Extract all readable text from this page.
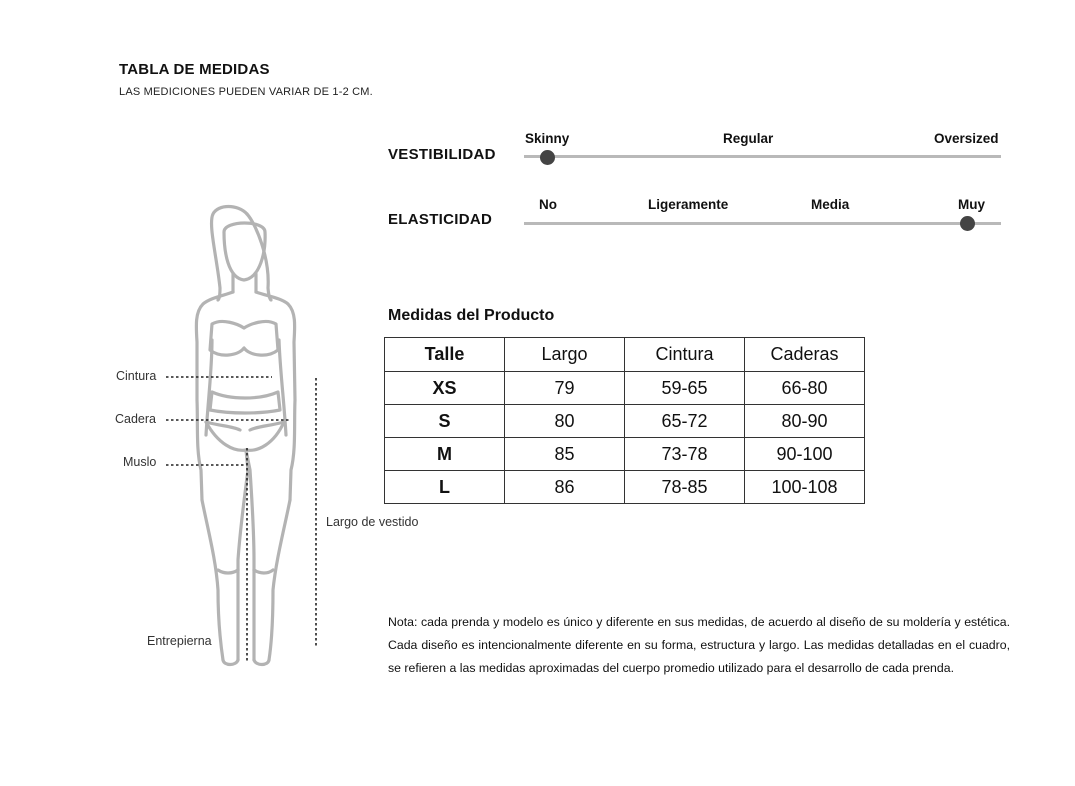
TABLA DE MEDIDAS
LAS MEDICIONES PUEDEN VARIAR DE 1-2 CM.
VESTIBILIDAD
Skinny	Regular	Oversized
ELASTICIDAD
No	Ligeramente	Media	Muy
Medidas del Producto
Talle	Largo	Cintura	Caderas
XS	79	59-65	66-80
S	80	65-72	80-90
M	85	73-78	90-100
L	86	78-85	100-108
Nota: cada prenda y modelo es único y diferente en sus medidas, de acuerdo al diseño de su moldería y estética. Cada diseño es intencionalmente diferente en su forma, estructura y largo. Las medidas detalladas en el cuadro, se refieren a las medidas aproximadas del cuerpo promedio utilizado para el desarrollo de cada prenda.
Cintura
Cadera
Muslo
Largo de vestido
Entrepierna
